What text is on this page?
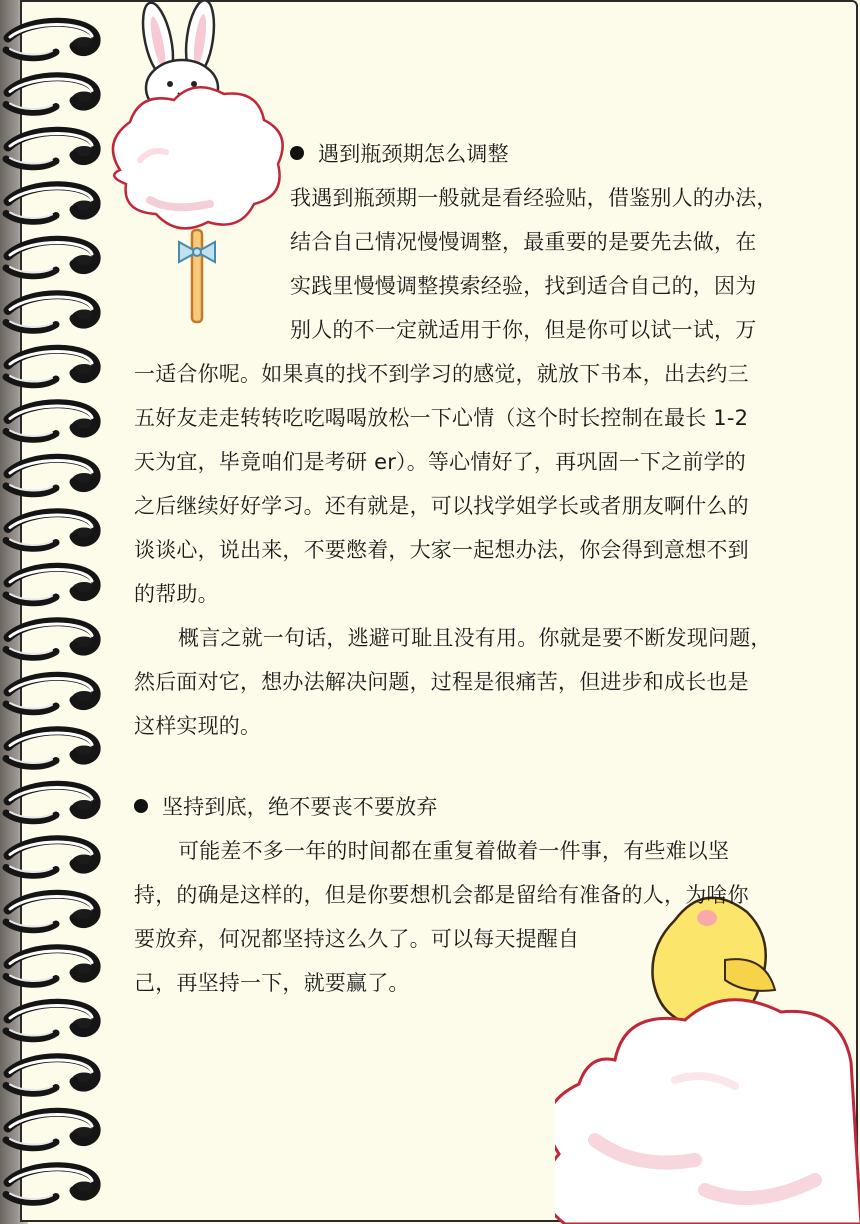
遇到瓶颈期怎么调整
我遇到瓶颈期一般就是看经验贴，借鉴别人的办法，
结合自己情况慢慢调整，最重要的是要先去做，在
实践里慢慢调整摸索经验，找到适合自己的，因为
别人的不一定就适用于你，但是你可以试一试，万
一适合你呢。如果真的找不到学习的感觉，就放下书本，出去约三
五好友走走转转吃吃喝喝放松一下心情（这个时长控制在最长 1-2
天为宜，毕竟咱们是考研 er）。等心情好了，再巩固一下之前学的
之后继续好好学习。还有就是，可以找学姐学长或者朋友啊什么的
谈谈心，说出来，不要憋着，大家一起想办法，你会得到意想不到
的帮助。
概言之就一句话，逃避可耻且没有用。你就是要不断发现问题，
然后面对它，想办法解决问题，过程是很痛苦，但进步和成长也是
这样实现的。
坚持到底，绝不要丧不要放弃
可能差不多一年的时间都在重复着做着一件事，有些难以坚
持，的确是这样的，但是你要想机会都是留给有准备的人，为啥你
要放弃，何况都坚持这么久了。可以每天提醒自
己，再坚持一下，就要赢了。
